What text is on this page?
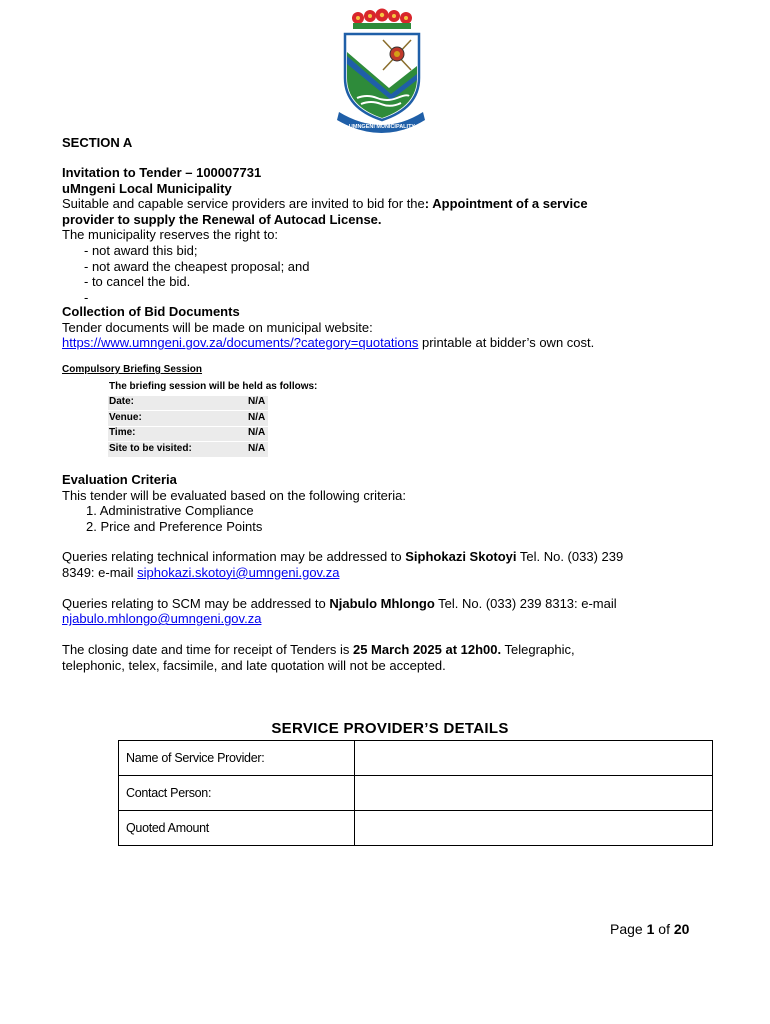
UMNGENI MUNICIPALITY
SECTION A
Invitation to Tender – 100007731
uMngeni Local Municipality
Suitable and capable service providers are invited to bid for the: Appointment of a service
provider to supply the Renewal of Autocad License.
The municipality reserves the right to:
- not award this bid;
- not award the cheapest proposal; and
- to cancel the bid.
-
Collection of Bid Documents
Tender documents will be made on municipal website:
https://www.umngeni.gov.za/documents/?category=quotations printable at bidder’s own cost.
Compulsory Briefing Session
The briefing session will be held as follows:
Date:	N/A
Venue:	N/A
Time:	N/A
Site to be visited:	N/A
Evaluation Criteria
This tender will be evaluated based on the following criteria:
1. Administrative Compliance
2. Price and Preference Points
Queries relating technical information may be addressed to Siphokazi Skotoyi Tel. No. (033) 239
8349: e-mail siphokazi.skotoyi@umngeni.gov.za
Queries relating to SCM may be addressed to Njabulo Mhlongo Tel. No. (033) 239 8313: e-mail
njabulo.mhlongo@umngeni.gov.za
The closing date and time for receipt of Tenders is 25 March 2025 at 12h00. Telegraphic,
telephonic, telex, facsimile, and late quotation will not be accepted.
SERVICE PROVIDER’S DETAILS
Name of Service Provider:	
Contact Person:	
Quoted Amount	
Page 1 of 20
